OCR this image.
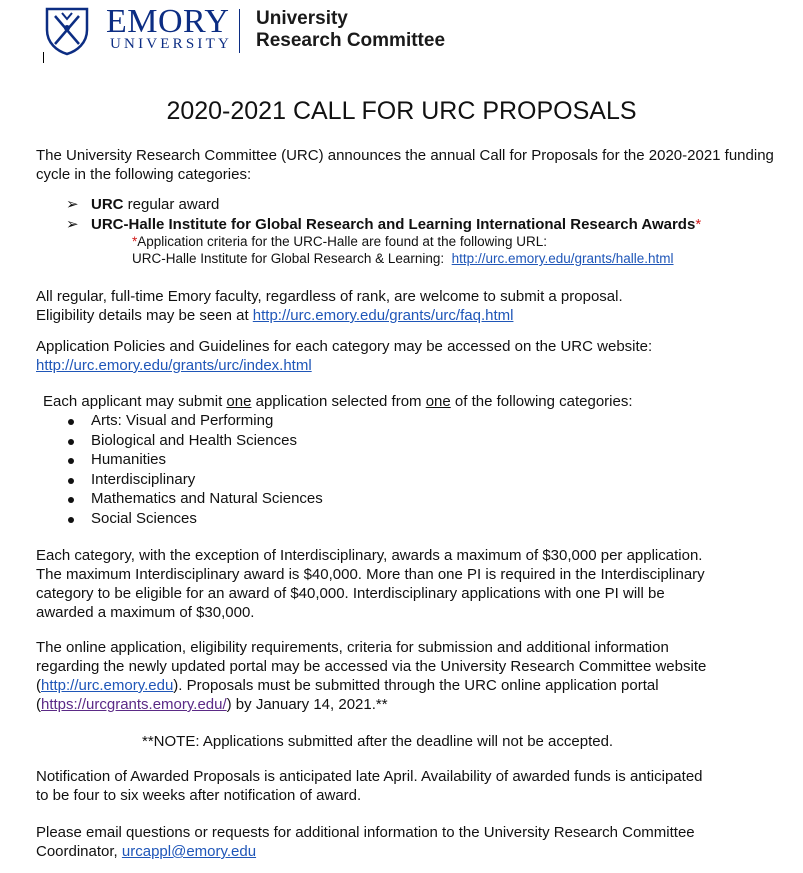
EMORY
UNIVERSITY
University
Research Committee
2020-2021 CALL FOR URC PROPOSALS

The University Research Committee (URC) announces the annual Call for Proposals for the 2020-2021 funding cycle in the following categories:

➢ URC regular award
➢ URC-Halle Institute for Global Research and Learning International Research Awards*
*Application criteria for the URC-Halle are found at the following URL:
URC-Halle Institute for Global Research & Learning: http://urc.emory.edu/grants/halle.html

All regular, full-time Emory faculty, regardless of rank, are welcome to submit a proposal.
Eligibility details may be seen at http://urc.emory.edu/grants/urc/faq.html

Application Policies and Guidelines for each category may be accessed on the URC website:
http://urc.emory.edu/grants/urc/index.html

Each applicant may submit one application selected from one of the following categories:

Arts: Visual and Performing
Biological and Health Sciences
Humanities
Interdisciplinary
Mathematics and Natural Sciences
Social Sciences

Each category, with the exception of Interdisciplinary, awards a maximum of $30,000 per application.
The maximum Interdisciplinary award is $40,000. More than one PI is required in the Interdisciplinary
category to be eligible for an award of $40,000. Interdisciplinary applications with one PI will be
awarded a maximum of $30,000.

The online application, eligibility requirements, criteria for submission and additional information
regarding the newly updated portal may be accessed via the University Research Committee website
(http://urc.emory.edu). Proposals must be submitted through the URC online application portal
(https://urcgrants.emory.edu/) by January 14, 2021.**

**NOTE: Applications submitted after the deadline will not be accepted.

Notification of Awarded Proposals is anticipated late April. Availability of awarded funds is anticipated
to be four to six weeks after notification of award.

Please email questions or requests for additional information to the University Research Committee
Coordinator, urcappl@emory.edu
